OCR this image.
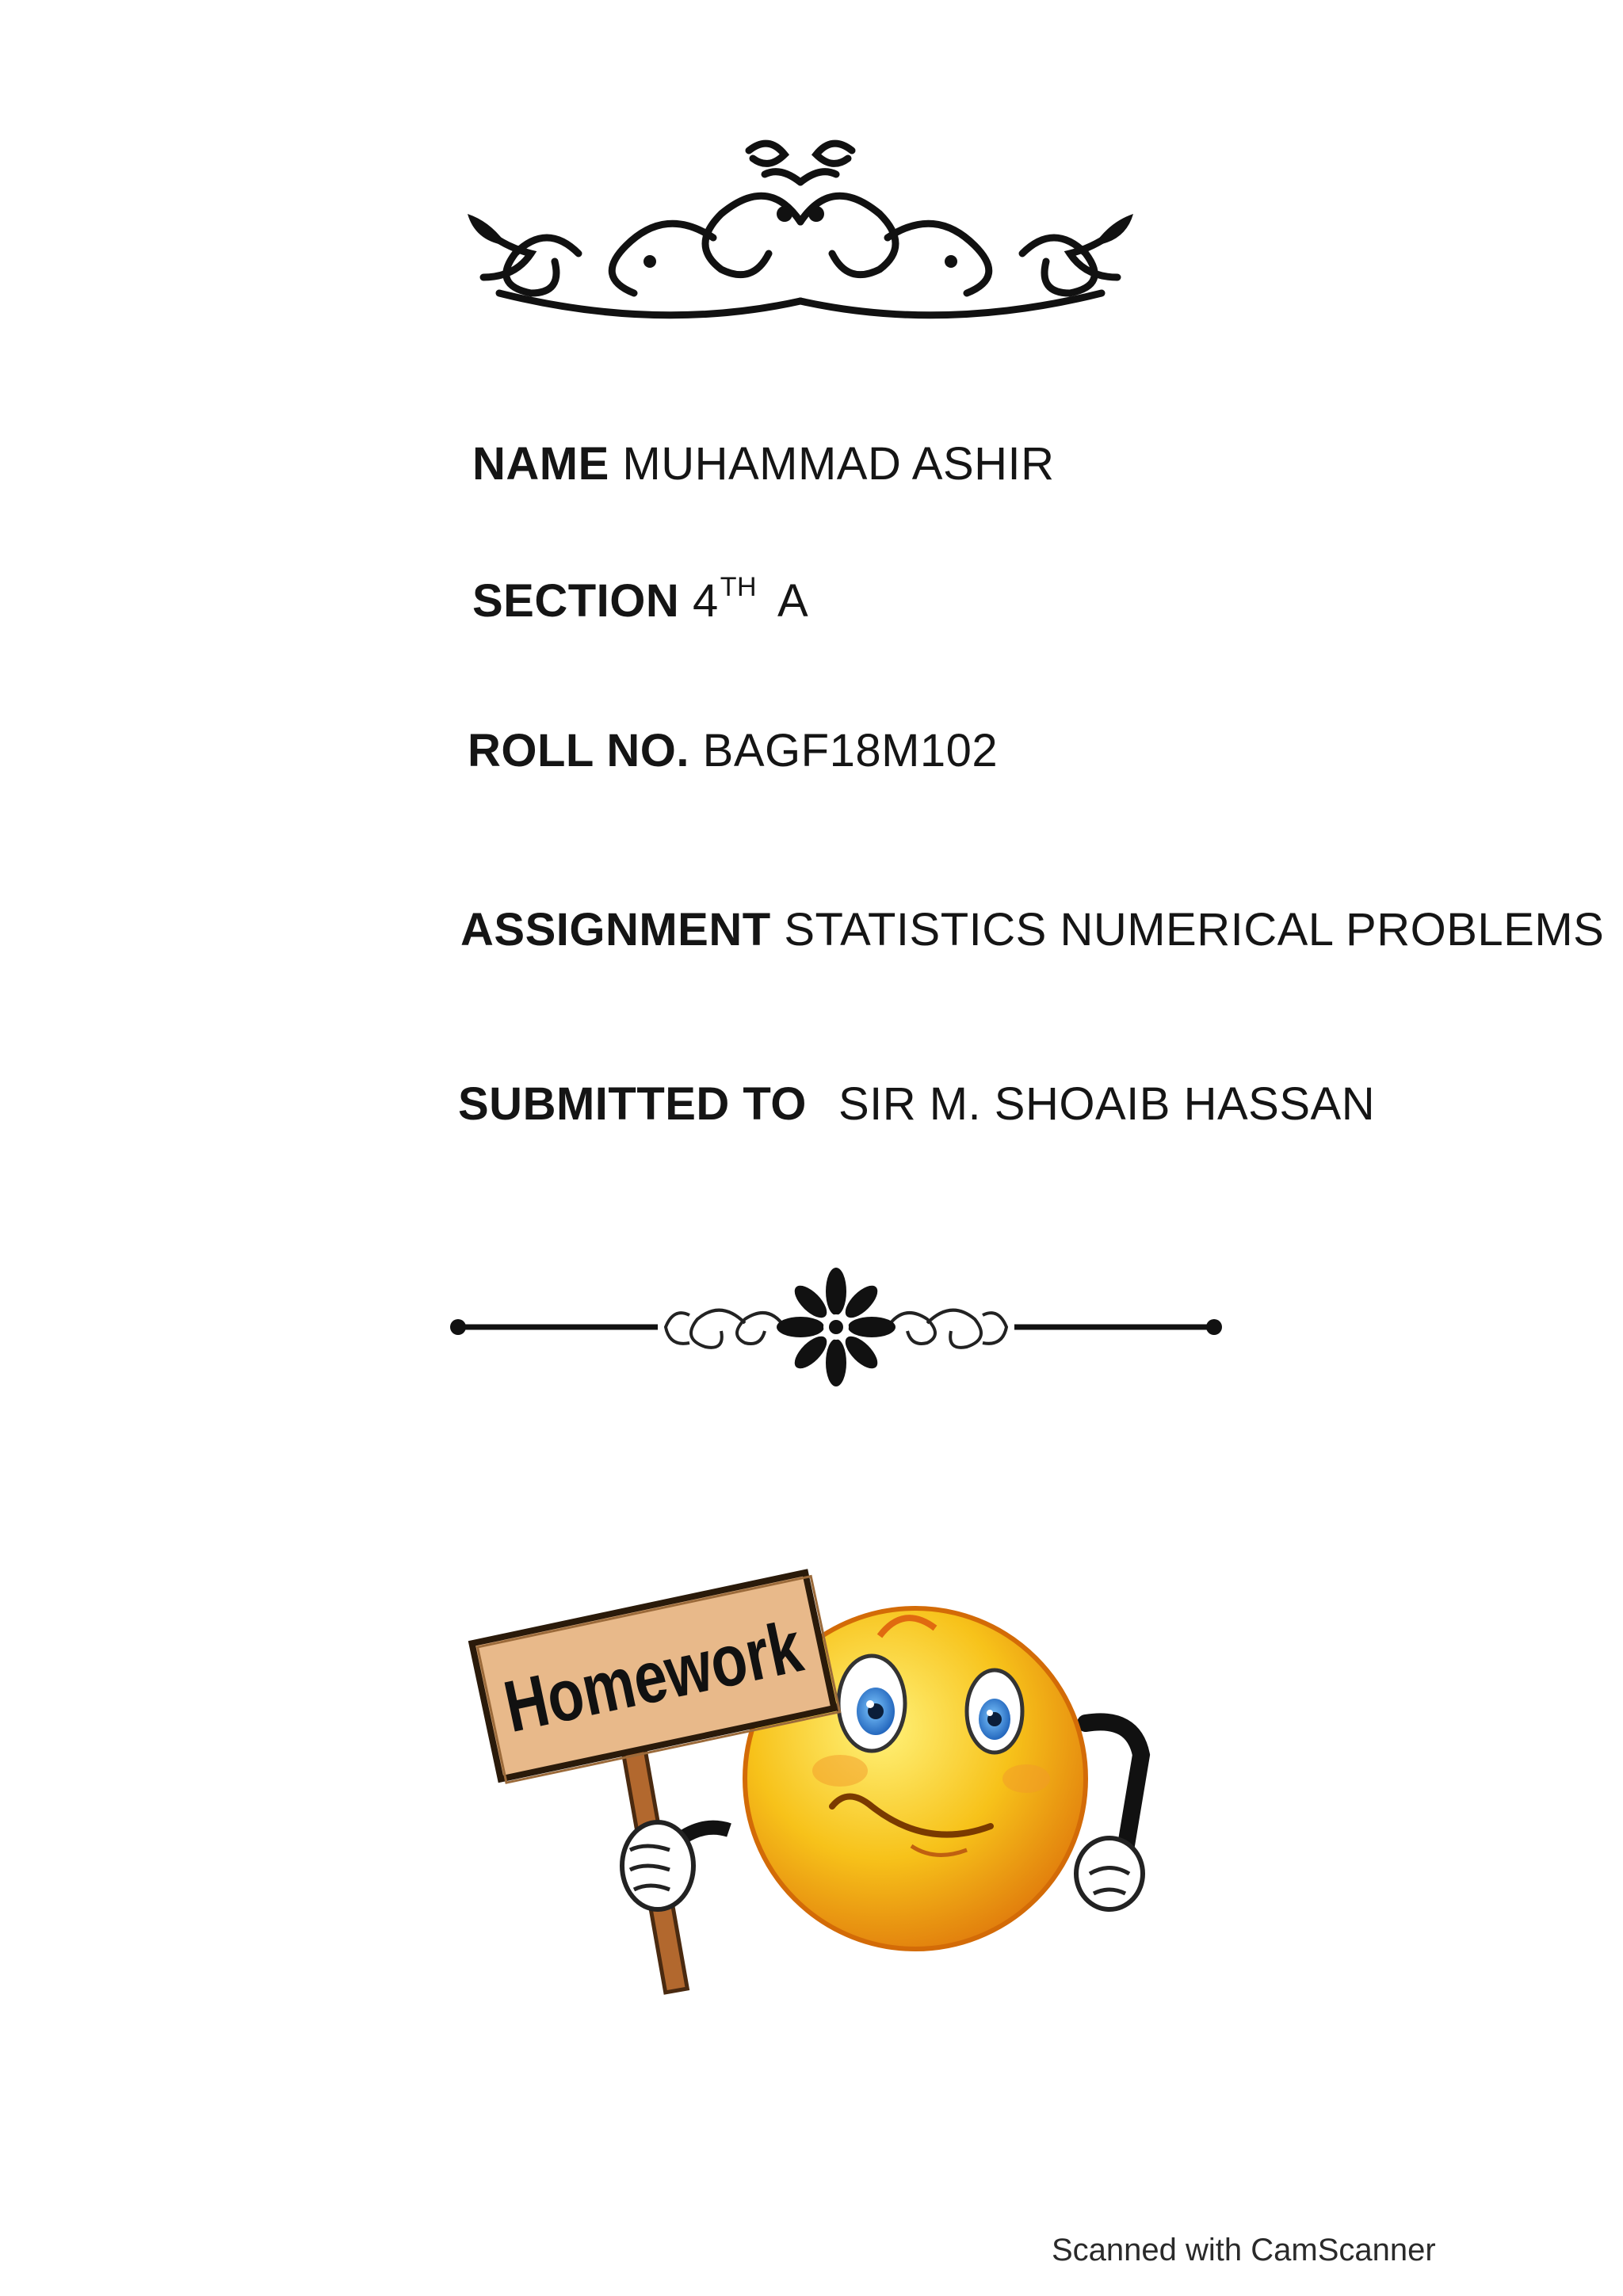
NAME MUHAMMAD ASHIR
SECTION 4TH A
ROLL NO. BAGF18M102
ASSIGNMENT STATISTICS NUMERICAL PROBLEMS
SUBMITTED TO SIR M. SHOAIB HASSAN
Homework
Scanned with CamScanner
